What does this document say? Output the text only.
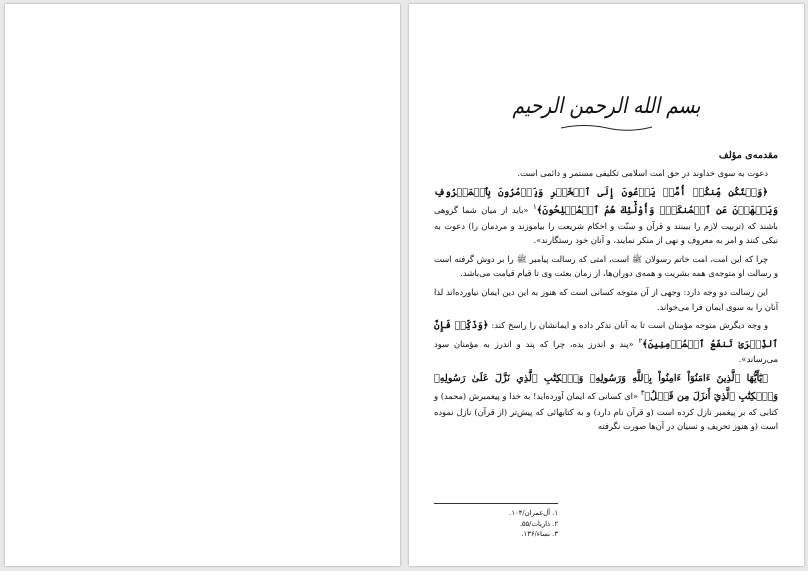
بسم الله الرحمن الرحيم
مقدمه‌ی مؤلف

دعوت به سوی خداوند در حق امت اسلامی تکلیفی مستمر و دائمی است.

﴿وَلۡتَكُن مِّنكُمۡ أُمَّةٞ يَدۡعُونَ إِلَى ٱلۡخَيۡرِ وَيَأۡمُرُونَ بِٱلۡمَعۡرُوفِ وَيَنۡهَوۡنَ عَنِ ٱلۡمُنكَرِۚ وَأُوْلَٰٓئِكَ هُمُ ٱلۡمُفۡلِحُونَ﴾$^١$ «باید از میان شما گروهی باشند که (تربیت لازم را ببینند و قرآن و سنّت و احکام شریعت را بیاموزند و مردمان را) دعوت به نیکی کنند و امر به معروف و نهی از منکر نمایند، و آنان خود رستگارند».

چرا که این امت، امت خاتم رسولان ﷺ است، امتی که رسالت پیامبر ﷺ را بر دوش گرفته است و رسالت او متوجه‌ی همه بشریت و همه‌ی دوران‌ها، از زمان بعثت وی تا قیام قیامت می‌باشد.

این رسالت دو وجه دارد: وجهی از آن متوجه کسانی است که هنوز به این دین ایمان نیاورده‌اند لذا آنان را به سوی ایمان فرا می‌خواند.

و وجه دیگرش متوجه مؤمنان است تا به آنان تذکر داده و ایمانشان را راسخ کند: ﴿وَذَكِّرۡ فَإِنَّ ٱلذِّكۡرَىٰ تَنفَعُ ٱلۡمُؤۡمِنِينَ﴾$^٢$ «پند و اندرز بده، چرا که پند و اندرز به مؤمنان سود می‌رساند».

﴿يَٰٓأَيُّهَا ٱلَّذِينَ ءَامَنُوٓاْ ءَامِنُواْ بِٱللَّهِ وَرَسُولِهِۦ وَٱلۡكِتَٰبِ ٱلَّذِي نَزَّلَ عَلَىٰ رَسُولِهِۦ وَٱلۡكِتَٰبِ ٱلَّذِيٓ أَنزَلَ مِن قَبۡلُ﴾$^٣$ «ای کسانی که ایمان آورده‌اید! به خدا و پیغمبرش (محمد) و کتابی که بر پیغمبر نازل کرده است (و قرآن نام دارد) و به کتابهائی که پیش‌تر (از قرآن) نازل نموده است (و هنوز تحریف و نسیان در آن‌ها صورت نگرفته

١. آل‌عمران/١٠۴.
٢. ذاریات/۵۵.
٣. نساء/١٣۶.
